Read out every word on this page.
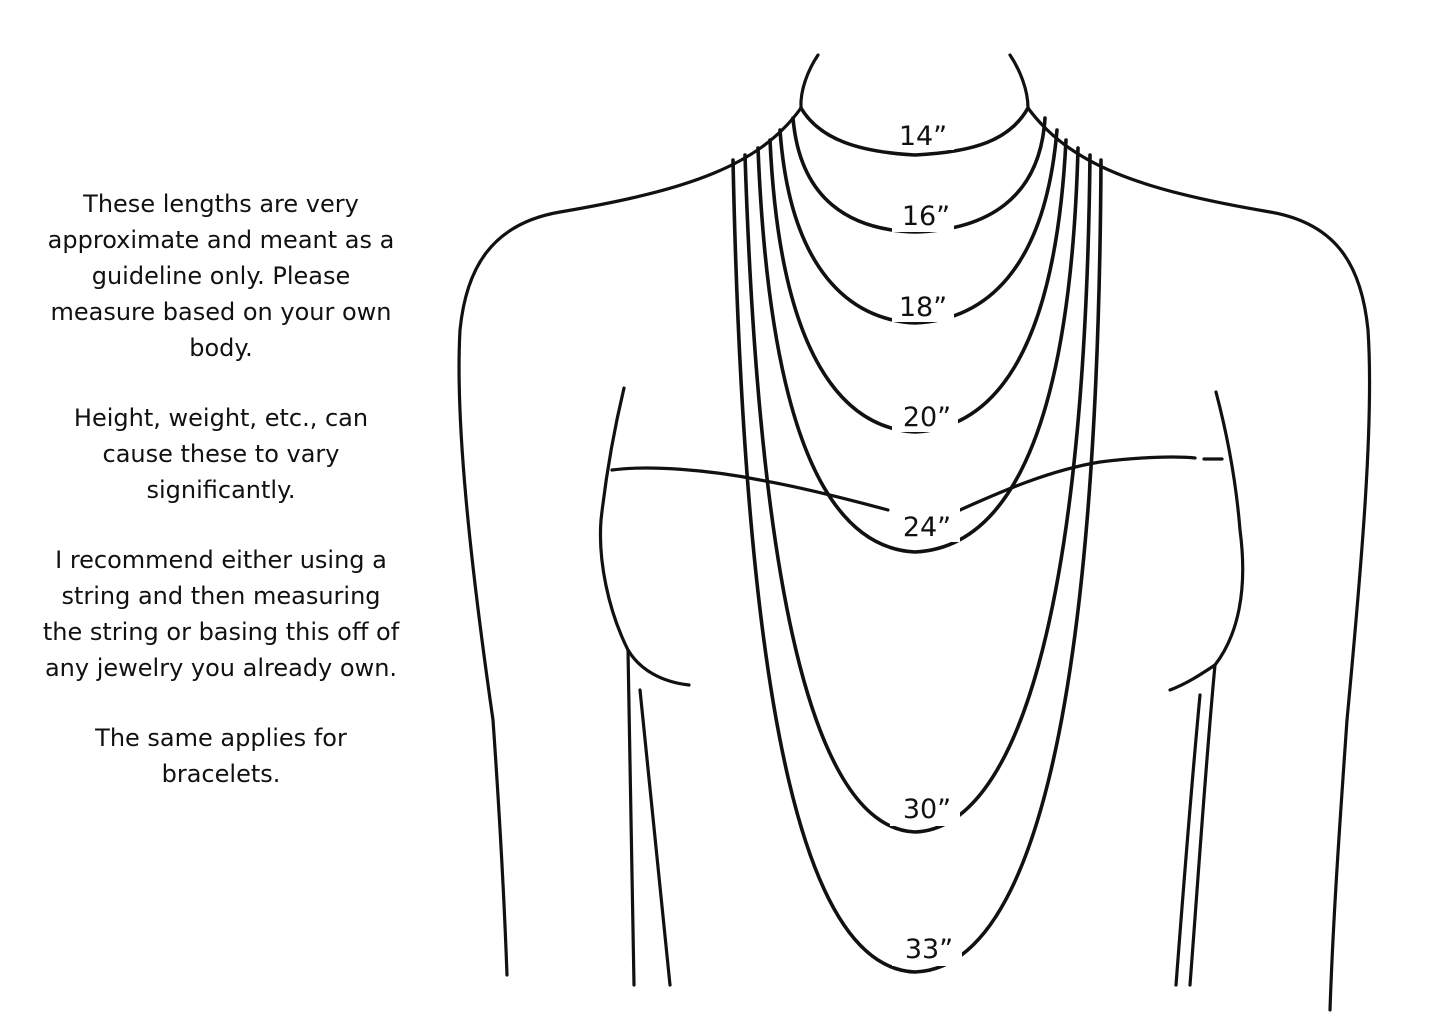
These lengths are very approximate and meant as a guideline only. Please measure based on your own body.

Height, weight, etc., can cause these to vary significantly.

I recommend either using a string and then measuring the string or basing this off of any jewelry you already own.

The same applies for bracelets.

14”
16”
18”
20”
24”
30”
33”
